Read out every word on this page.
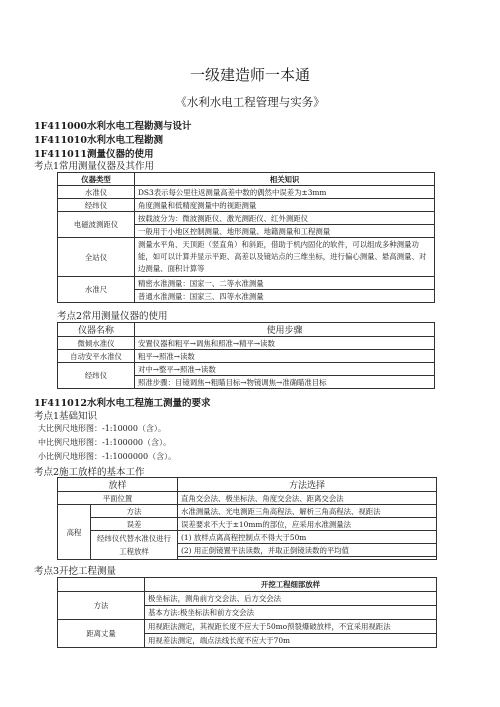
一级建造师一本通
《水利水电工程管理与实务》
1F411000水利水电工程勘测与设计
1F411010水利水电工程勘测
1F411011测量仪器的使用
考点1常用测量仪器及其作用
仪器类型	相关知识
水准仪	DS3表示每公里往返测量高差中数的偶然中误差为±3mm
经纬仪	角度测量和低精度测量中的视距测量
电磁波测距仪	按载波分为：微波测距仪、激光测距仪、红外测距仪
	一般用于小地区控制测量、地形测量、地籍测量和工程测量
全站仪	测量水平角、天顶距（竖直角）和斜距，借助于机内固化的软件，可以组成多种测量功能，如可以计算并显示平距、高差以及镜站点的三维坐标，进行偏心测量、悬高测量、对边测量、面积计算等
水准尺	精密水准测量：国家一、二等水准测量
	普通水准测量：国家三、四等水准测量
考点2常用测量仪器的使用
仪器名称	使用步骤
微倾水准仪	安置仪器和粗平→调焦和照准→精平→读数
自动安平水准仪	粗平→照准→读数
经纬仪	对中→整平→照准→读数
	照准步骤：目镜调焦→粗瞄目标→物镜调焦→准确瞄准目标
1F411012水利水电工程施工测量的要求
考点1基础知识
大比例尺地形图：-1:10000（含）。
中比例尺地形图：-1:100000（含）。
小比例尺地形图：-1:1000000（含）。
考点2施工放样的基本工作
放样		方法选择
平面位置		直角交会法、极坐标法、角度交会法、距离交会法
高程	方法	水准测量法、光电测距三角高程法、解析三角高程法、视距法
	误差	误差要求不大于±10mm的部位，应采用水准测量法
	经纬仪代替水准仪进行工程放样	(1) 放样点离高程控制点不得大于50m
		(2) 用正倒镜置平法读数，并取正倒镜读数的平均值

考点3开挖工程测量
	开挖工程细部放样
方法	极坐标法，测角前方交会法、后方交会法
	基本方法:极坐标法和前方交会法
距离丈量	用视距法测定，其视距长度不应大于50mo预裂爆破放样，不宜采用视距法
	用视差法测定，端点法线长度不应大于70m
